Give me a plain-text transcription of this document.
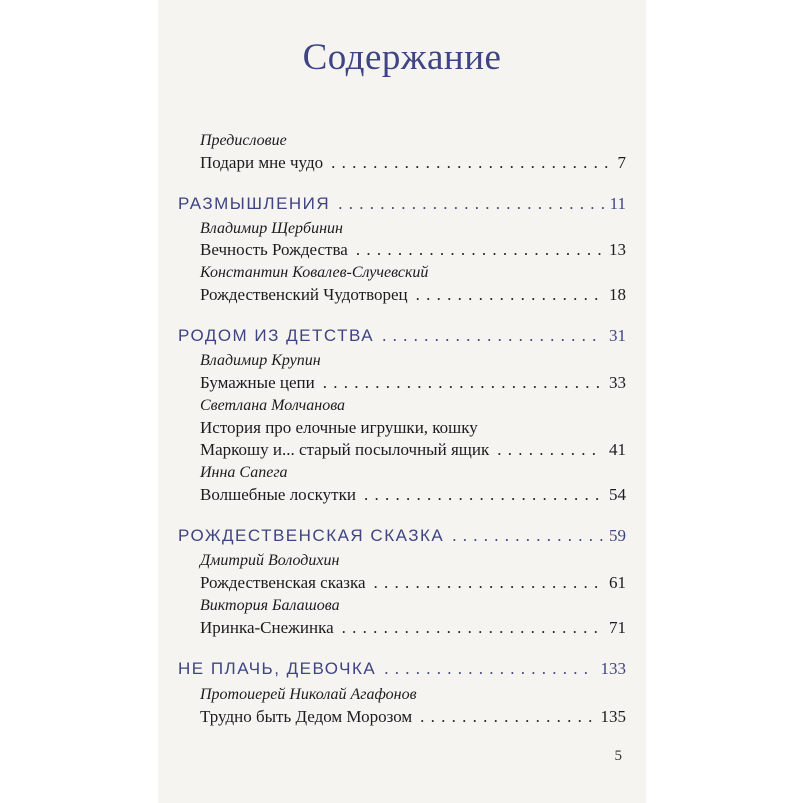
Содержание
Предисловие
Подари мне чудо . . .	7
РАЗМЫШЛЕНИЯ . . .	11
Владимир Щербинин
Вечность Рождества . . .	13
Константин Ковалев-Случевский
Рождественский Чудотворец . . .	18
РОДОМ ИЗ ДЕТСТВА . . .	31
Владимир Крупин
Бумажные цепи . . .	33
Светлана Молчанова
История про елочные игрушки, кошку
Маркошу и... старый посылочный ящик . . .	41
Инна Сапега
Волшебные лоскутки . . .	54
РОЖДЕСТВЕНСКАЯ СКАЗКА . . .	59
Дмитрий Володихин
Рождественская сказка . . .	61
Виктория Балашова
Иринка-Снежинка . . .	71
НЕ ПЛАЧЬ, ДЕВОЧКА . . .	133
Протоиерей Николай Агафонов
Трудно быть Дедом Морозом . . .	135
5
